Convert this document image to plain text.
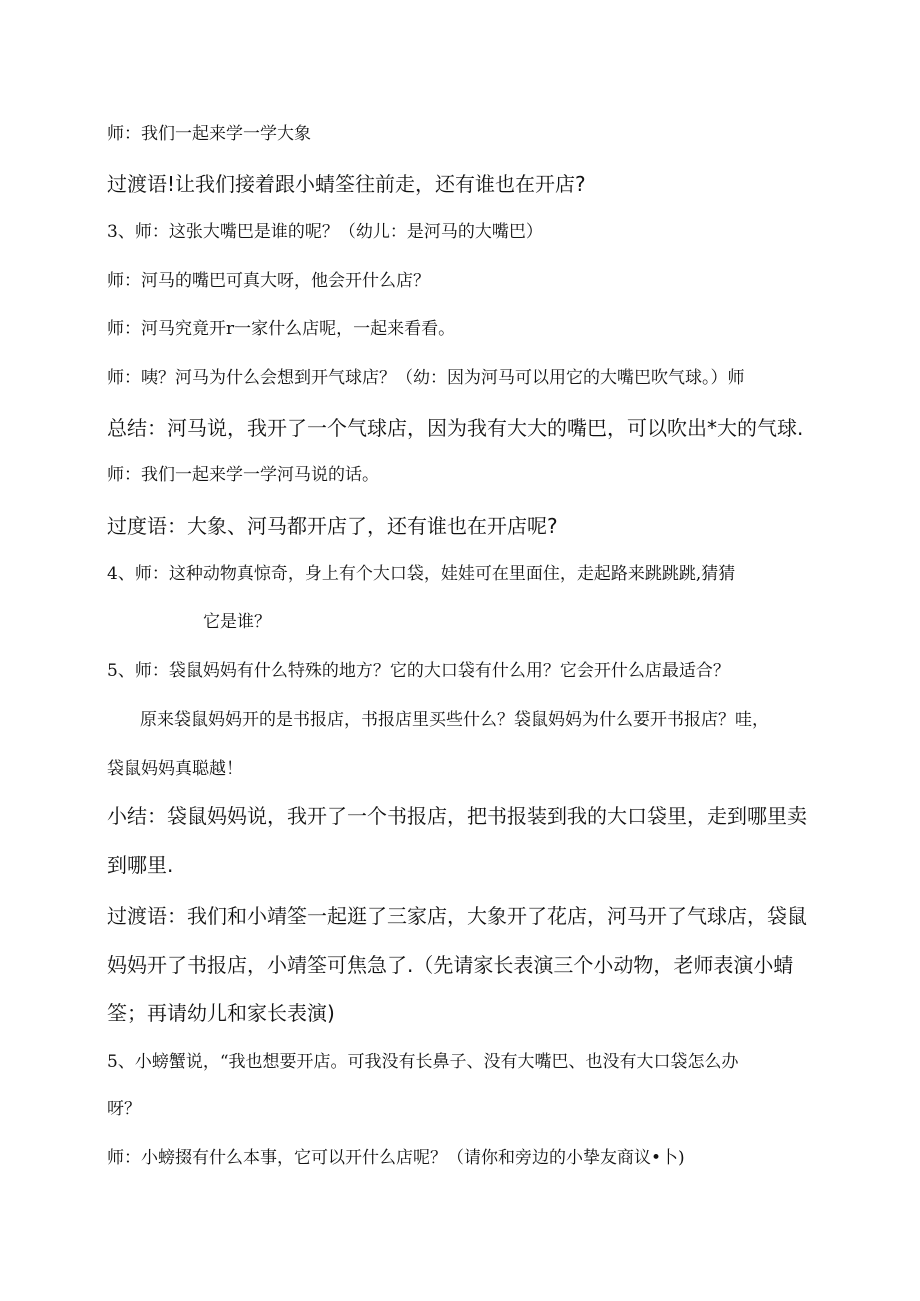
师：我们一起来学一学大象
过渡语!让我们接着跟小蜻筌往前走，还有谁也在开店?
3、师：这张大嘴巴是谁的呢？（幼儿：是河马的大嘴巴）
师：河马的嘴巴可真大呀，他会开什么店？
师：河马究竟开r一家什么店呢，一起来看看。
师：咦？河马为什么会想到开气球店？（幼：因为河马可以用它的大嘴巴吹气球。）师
总结：河马说，我开了一个气球店，因为我有大大的嘴巴，可以吹出*大的气球.
师：我们一起来学一学河马说的话。
过度语：大象、河马都开店了，还有谁也在开店呢?
4、师：这种动物真惊奇，身上有个大口袋，娃娃可在里面住，走起路来跳跳跳,猜猜
它是谁？
5、师：袋鼠妈妈有什么特殊的地方？它的大口袋有什么用？它会开什么店最适合？
原来袋鼠妈妈开的是书报店，书报店里买些什么？袋鼠妈妈为什么要开书报店？哇，
袋鼠妈妈真聪越！
小结：袋鼠妈妈说，我开了一个书报店，把书报装到我的大口袋里，走到哪里卖
到哪里.
过渡语：我们和小靖筌一起逛了三家店，大象开了花店，河马开了气球店，袋鼠
妈妈开了书报店，小靖筌可焦急了.（先请家长表演三个小动物，老师表演小蜻
筌；再请幼儿和家长表演)
5、小螃蟹说，“我也想要开店。可我没有长鼻子、没有大嘴巴、也没有大口袋怎么办
呀？
师：小螃掇有什么本事，它可以开什么店呢？（请你和旁边的小挚友商议•卜)
